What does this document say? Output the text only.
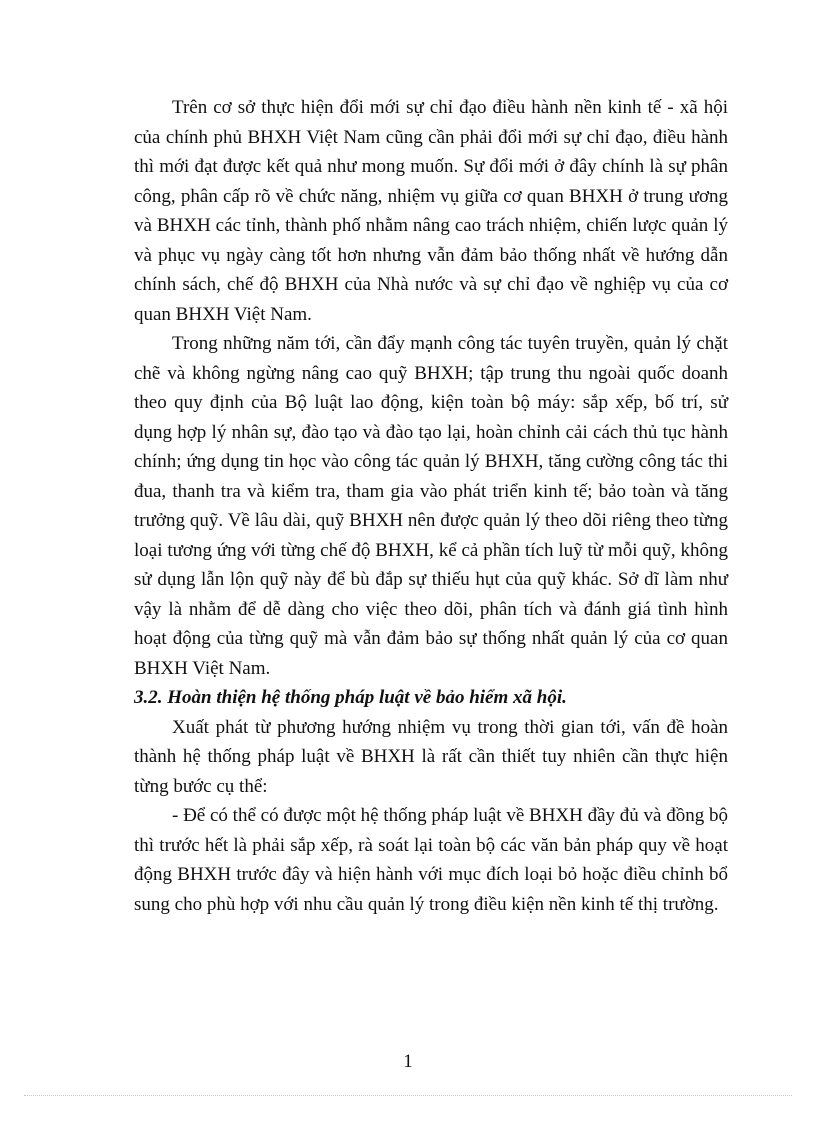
Trên cơ sở thực hiện đổi mới sự chỉ đạo điều hành nền kinh tế - xã hội của chính phủ BHXH Việt Nam cũng cần phải đổi mới sự chỉ đạo, điều hành thì mới đạt được kết quả như mong muốn. Sự đổi mới ở đây chính là sự phân công, phân cấp rõ về chức năng, nhiệm vụ giữa cơ quan BHXH ở trung ương và BHXH các tỉnh, thành phố nhằm nâng cao trách nhiệm, chiến lược quản lý và phục vụ ngày càng tốt hơn nhưng vẫn đảm bảo thống nhất về hướng dẫn chính sách, chế độ BHXH của Nhà nước và sự chỉ đạo về nghiệp vụ của cơ quan BHXH Việt Nam.

Trong những năm tới, cần đẩy mạnh công tác tuyên truyền, quản lý chặt chẽ và không ngừng nâng cao quỹ BHXH; tập trung thu ngoài quốc doanh theo quy định của Bộ luật lao động, kiện toàn bộ máy: sắp xếp, bố trí, sử dụng hợp lý nhân sự, đào tạo và đào tạo lại, hoàn chỉnh cải cách thủ tục hành chính; ứng dụng tin học vào công tác quản lý BHXH, tăng cường công tác thi đua, thanh tra và kiểm tra, tham gia vào phát triển kinh tế; bảo toàn và tăng trưởng quỹ. Về lâu dài, quỹ BHXH nên được quản lý theo dõi riêng theo từng loại tương ứng với từng chế độ BHXH, kể cả phần tích luỹ từ mỗi quỹ, không sử dụng lẫn lộn quỹ này để bù đắp sự thiếu hụt của quỹ khác. Sở dĩ làm như vậy là nhằm để dễ dàng cho việc theo dõi, phân tích và đánh giá tình hình hoạt động của từng quỹ mà vẫn đảm bảo sự thống nhất quản lý của cơ quan BHXH Việt Nam.

3.2. Hoàn thiện hệ thống pháp luật về bảo hiểm xã hội.

Xuất phát từ phương hướng nhiệm vụ trong thời gian tới, vấn đề hoàn thành hệ thống pháp luật về BHXH là rất cần thiết tuy nhiên cần thực hiện từng bước cụ thể:

- Để có thể có được một hệ thống pháp luật về BHXH đầy đủ và đồng bộ thì trước hết là phải sắp xếp, rà soát lại toàn bộ các văn bản pháp quy về hoạt động BHXH trước đây và hiện hành với mục đích loại bỏ hoặc điều chỉnh bổ sung cho phù hợp với nhu cầu quản lý trong điều kiện nền kinh tế thị trường.

1
